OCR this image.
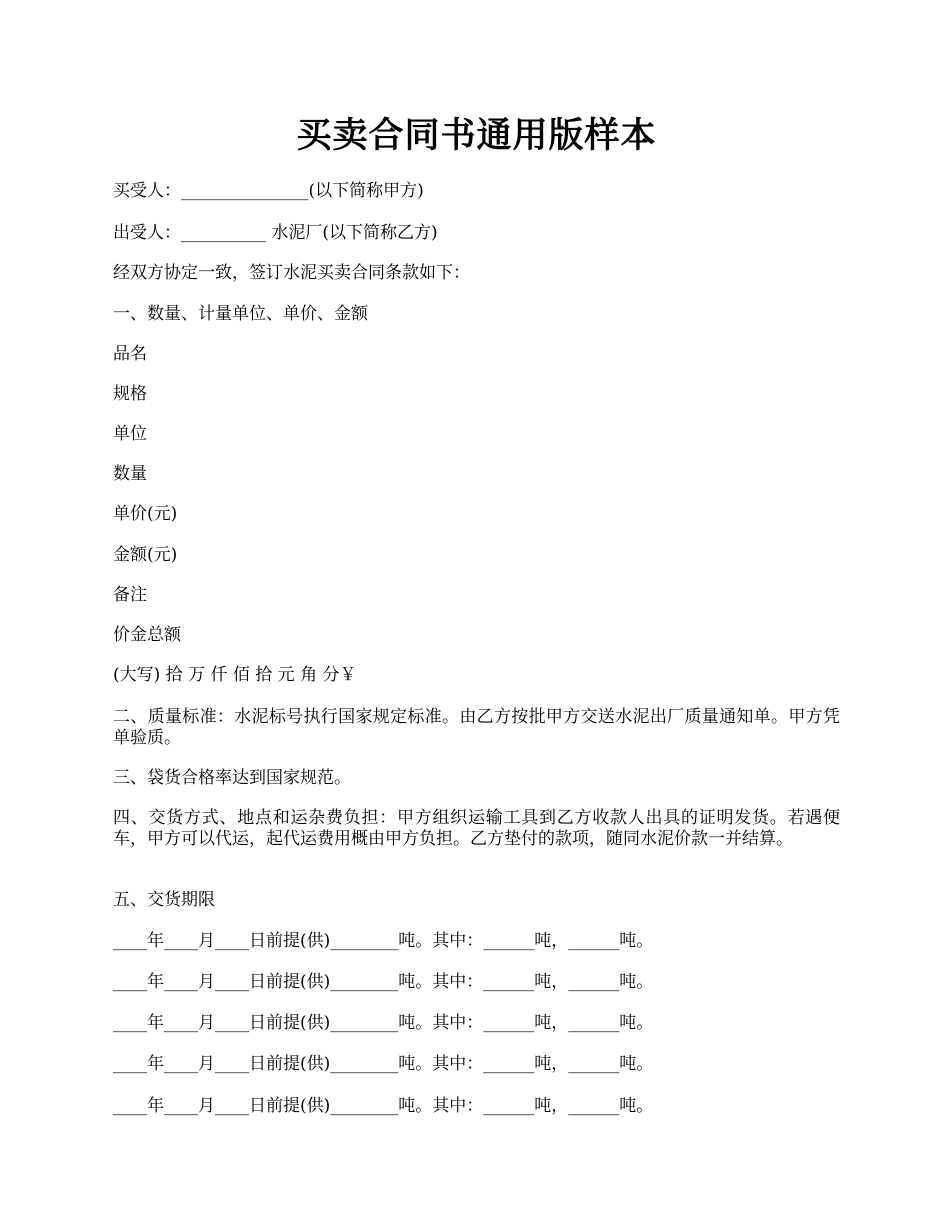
买卖合同书通用版样本

买受人：_______________(以下简称甲方)

出受人：__________ 水泥厂(以下简称乙方)

经双方协定一致，签订水泥买卖合同条款如下：

一、数量、计量单位、单价、金额

品名

规格

单位

数量

单价(元)

金额(元)

备注

价金总额

(大写) 拾 万 仟 佰 拾 元 角 分￥

二、质量标准：水泥标号执行国家规定标准。由乙方按批甲方交送水泥出厂质量通知单。甲方凭单验质。

三、袋货合格率达到国家规范。

四、交货方式、地点和运杂费负担：甲方组织运输工具到乙方收款人出具的证明发货。若遇便车，甲方可以代运，起代运费用概由甲方负担。乙方垫付的款项，随同水泥价款一并结算。

五、交货期限

____年____月____日前提(供)________吨。其中：______吨，______吨。

____年____月____日前提(供)________吨。其中：______吨，______吨。

____年____月____日前提(供)________吨。其中：______吨，______吨。

____年____月____日前提(供)________吨。其中：______吨，______吨。

____年____月____日前提(供)________吨。其中：______吨，______吨。
